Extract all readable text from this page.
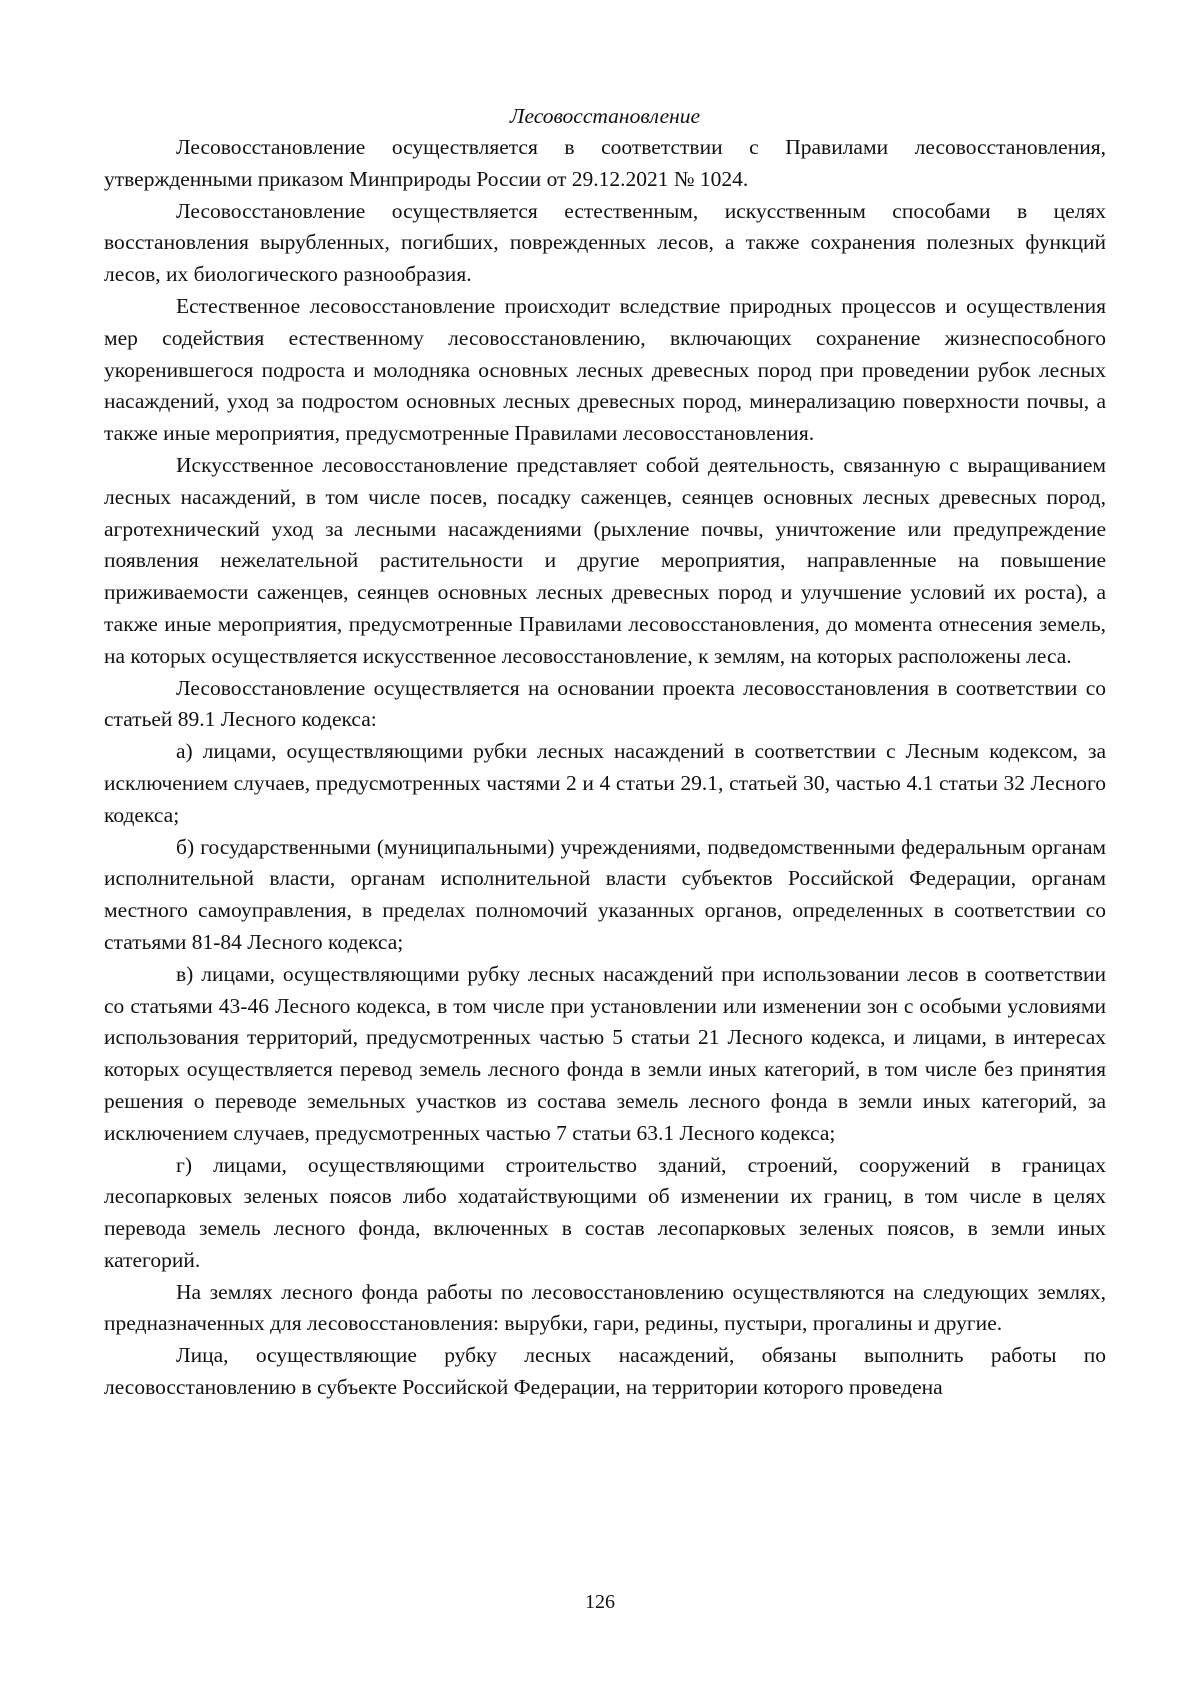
Лесовосстановление

Лесовосстановление осуществляется в соответствии с Правилами лесовосстановления, утвержденными приказом Минприроды России от 29.12.2021 № 1024.

Лесовосстановление осуществляется естественным, искусственным способами в целях восстановления вырубленных, погибших, поврежденных лесов, а также сохранения полезных функций лесов, их биологического разнообразия.

Естественное лесовосстановление происходит вследствие природных процессов и осуществления мер содействия естественному лесовосстановлению, включающих сохранение жизнеспособного укоренившегося подроста и молодняка основных лесных древесных пород при проведении рубок лесных насаждений, уход за подростом основных лесных древесных пород, минерализацию поверхности почвы, а также иные мероприятия, предусмотренные Правилами лесовосстановления.

Искусственное лесовосстановление представляет собой деятельность, связанную с выращиванием лесных насаждений, в том числе посев, посадку саженцев, сеянцев основных лесных древесных пород, агротехнический уход за лесными насаждениями (рыхление почвы, уничтожение или предупреждение появления нежелательной растительности и другие мероприятия, направленные на повышение приживаемости саженцев, сеянцев основных лесных древесных пород и улучшение условий их роста), а также иные мероприятия, предусмотренные Правилами лесовосстановления, до момента отнесения земель, на которых осуществляется искусственное лесовосстановление, к землям, на которых расположены леса.

Лесовосстановление осуществляется на основании проекта лесовосстановления в соответствии со статьей 89.1 Лесного кодекса:

а) лицами, осуществляющими рубки лесных насаждений в соответствии с Лесным кодексом, за исключением случаев, предусмотренных частями 2 и 4 статьи 29.1, статьей 30, частью 4.1 статьи 32 Лесного кодекса;

б) государственными (муниципальными) учреждениями, подведомственными федеральным органам исполнительной власти, органам исполнительной власти субъектов Российской Федерации, органам местного самоуправления, в пределах полномочий указанных органов, определенных в соответствии со статьями 81-84 Лесного кодекса;

в) лицами, осуществляющими рубку лесных насаждений при использовании лесов в соответствии со статьями 43-46 Лесного кодекса, в том числе при установлении или изменении зон с особыми условиями использования территорий, предусмотренных частью 5 статьи 21 Лесного кодекса, и лицами, в интересах которых осуществляется перевод земель лесного фонда в земли иных категорий, в том числе без принятия решения о переводе земельных участков из состава земель лесного фонда в земли иных категорий, за исключением случаев, предусмотренных частью 7 статьи 63.1 Лесного кодекса;

г) лицами, осуществляющими строительство зданий, строений, сооружений в границах лесопарковых зеленых поясов либо ходатайствующими об изменении их границ, в том числе в целях перевода земель лесного фонда, включенных в состав лесопарковых зеленых поясов, в земли иных категорий.

На землях лесного фонда работы по лесовосстановлению осуществляются на следующих землях, предназначенных для лесовосстановления: вырубки, гари, редины, пустыри, прогалины и другие.

Лица, осуществляющие рубку лесных насаждений, обязаны выполнить работы по лесовосстановлению в субъекте Российской Федерации, на территории которого проведена

126
